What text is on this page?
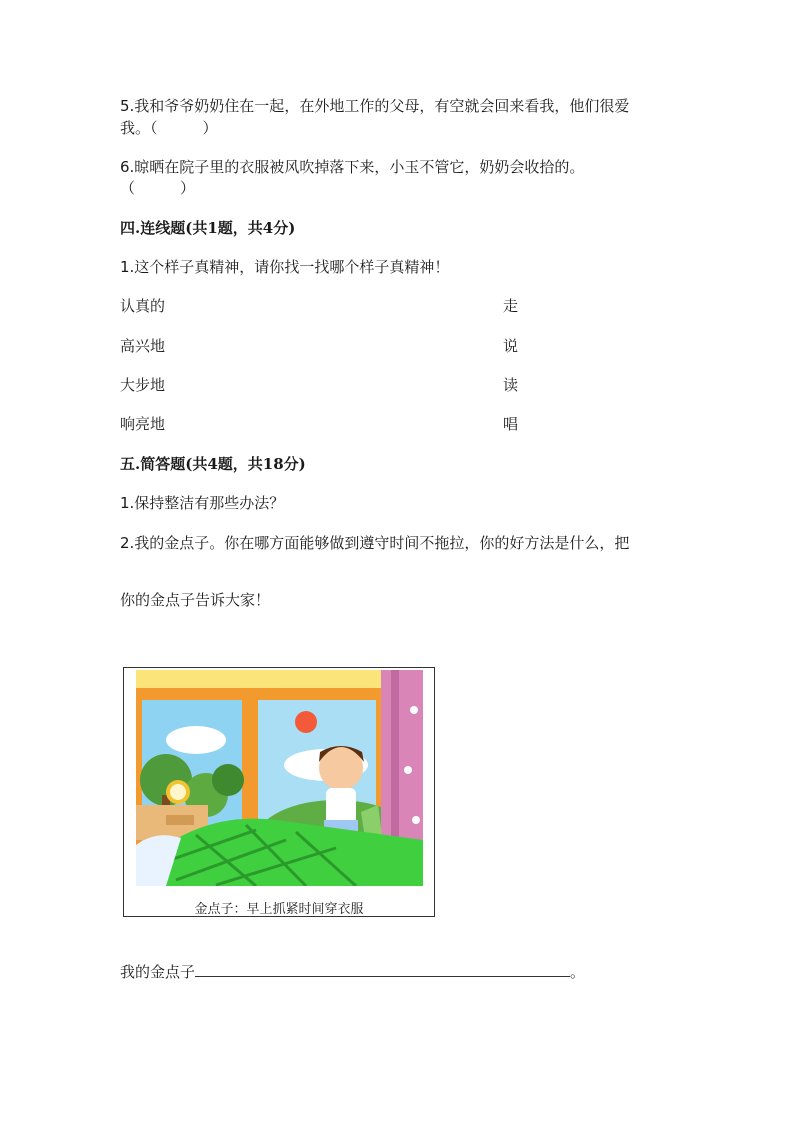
5.我和爷爷奶奶住在一起，在外地工作的父母，有空就会回来看我，他们很爱
我。（　　　）
6.晾晒在院子里的衣服被风吹掉落下来，小玉不管它，奶奶会收拾的。
（　　　）
四.连线题(共1题，共4分)
1.这个样子真精神，请你找一找哪个样子真精神！
认真的	走
高兴地	说
大步地	读
响亮地	唱
五.简答题(共4题，共18分)
1.保持整洁有那些办法？
2.我的金点子。你在哪方面能够做到遵守时间不拖拉，你的好方法是什么，把
你的金点子告诉大家！
金点子：早上抓紧时间穿衣服
我的金点子	。
